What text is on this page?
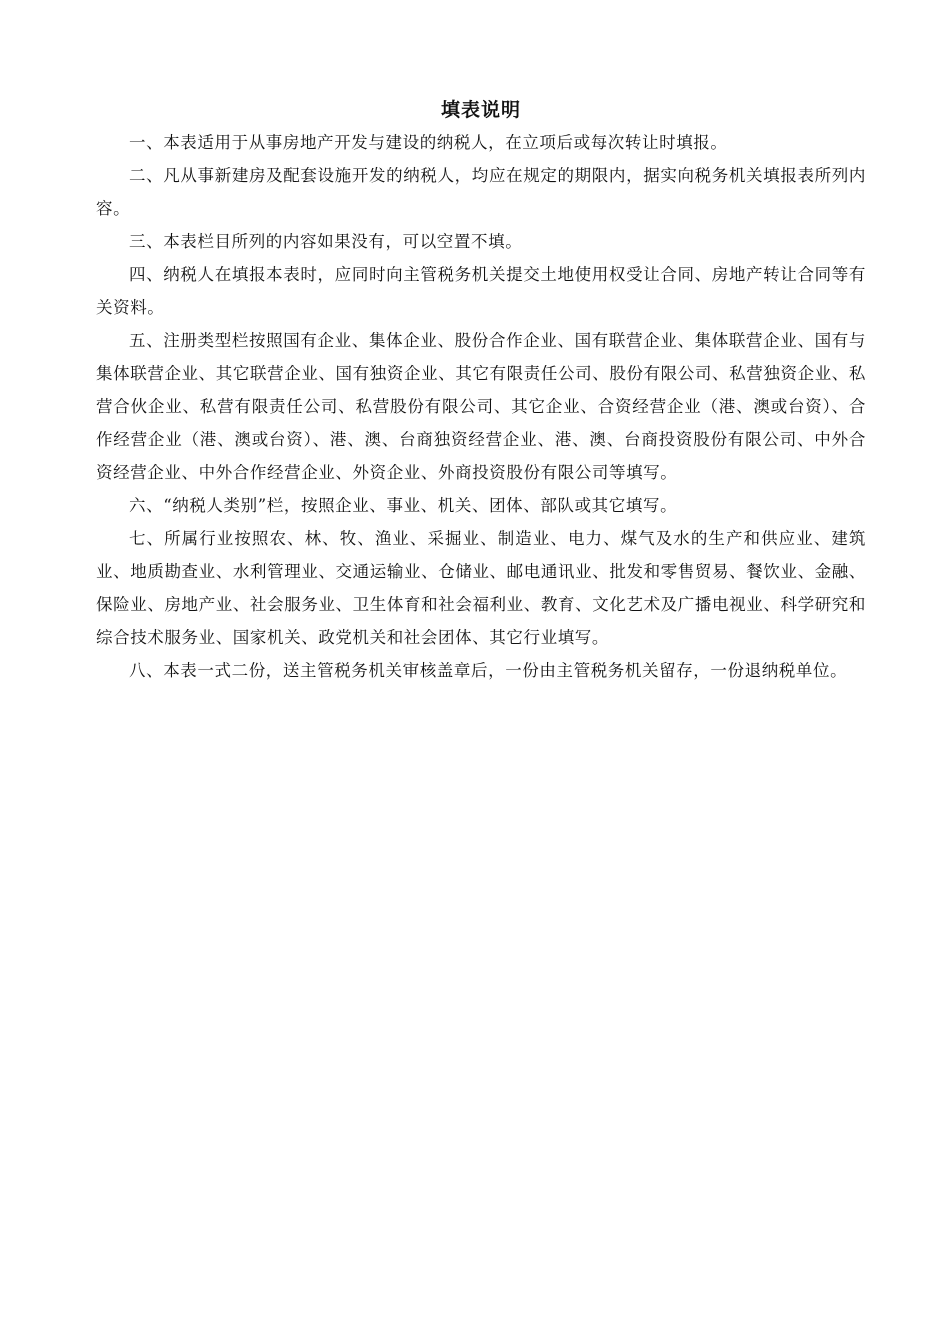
填表说明

一、本表适用于从事房地产开发与建设的纳税人，在立项后或每次转让时填报。

二、凡从事新建房及配套设施开发的纳税人，均应在规定的期限内，据实向税务机关填报表所列内容。

三、本表栏目所列的内容如果没有，可以空置不填。

四、纳税人在填报本表时，应同时向主管税务机关提交土地使用权受让合同、房地产转让合同等有关资料。

五、注册类型栏按照国有企业、集体企业、股份合作企业、国有联营企业、集体联营企业、国有与集体联营企业、其它联营企业、国有独资企业、其它有限责任公司、股份有限公司、私营独资企业、私营合伙企业、私营有限责任公司、私营股份有限公司、其它企业、合资经营企业（港、澳或台资）、合作经营企业（港、澳或台资）、港、澳、台商独资经营企业、港、澳、台商投资股份有限公司、中外合资经营企业、中外合作经营企业、外资企业、外商投资股份有限公司等填写。

六、“纳税人类别”栏，按照企业、事业、机关、团体、部队或其它填写。

七、所属行业按照农、林、牧、渔业、采掘业、制造业、电力、煤气及水的生产和供应业、建筑业、地质勘查业、水利管理业、交通运输业、仓储业、邮电通讯业、批发和零售贸易、餐饮业、金融、保险业、房地产业、社会服务业、卫生体育和社会福利业、教育、文化艺术及广播电视业、科学研究和综合技术服务业、国家机关、政党机关和社会团体、其它行业填写。

八、本表一式二份，送主管税务机关审核盖章后，一份由主管税务机关留存，一份退纳税单位。
